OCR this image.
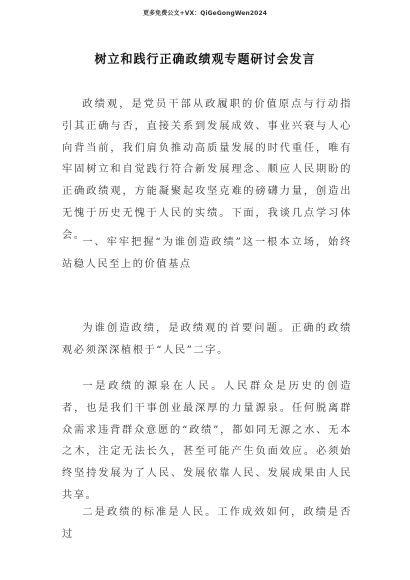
更多免费公文+VX：QiGeGongWen2024
树立和践行正确政绩观专题研讨会发言

政绩观，是党员干部从政履职的价值原点与行动指引其正确与否，直接关系到发展成效、事业兴衰与人心向背当前，我们肩负推动高质量发展的时代重任，唯有牢固树立和自觉践行符合新发展理念、顺应人民期盼的正确政绩观，方能凝聚起攻坚克难的磅礴力量，创造出无愧于历史无愧于人民的实绩。下面，我谈几点学习体会。

一、牢牢把握“为谁创造政绩”这一根本立场，始终站稳人民至上的价值基点

为谁创造政绩，是政绩观的首要问题。正确的政绩观必须深深植根于“人民”二字。

一是政绩的源泉在人民。人民群众是历史的创造者，也是我们干事创业最深厚的力量源泉。任何脱离群众需求违背群众意愿的“政绩”，都如同无源之水、无本之木，注定无法长久，甚至可能产生负面效应。必须始终坚持发展为了人民、发展依靠人民、发展成果由人民共享。

二是政绩的标准是人民。工作成效如何，政绩是否过
